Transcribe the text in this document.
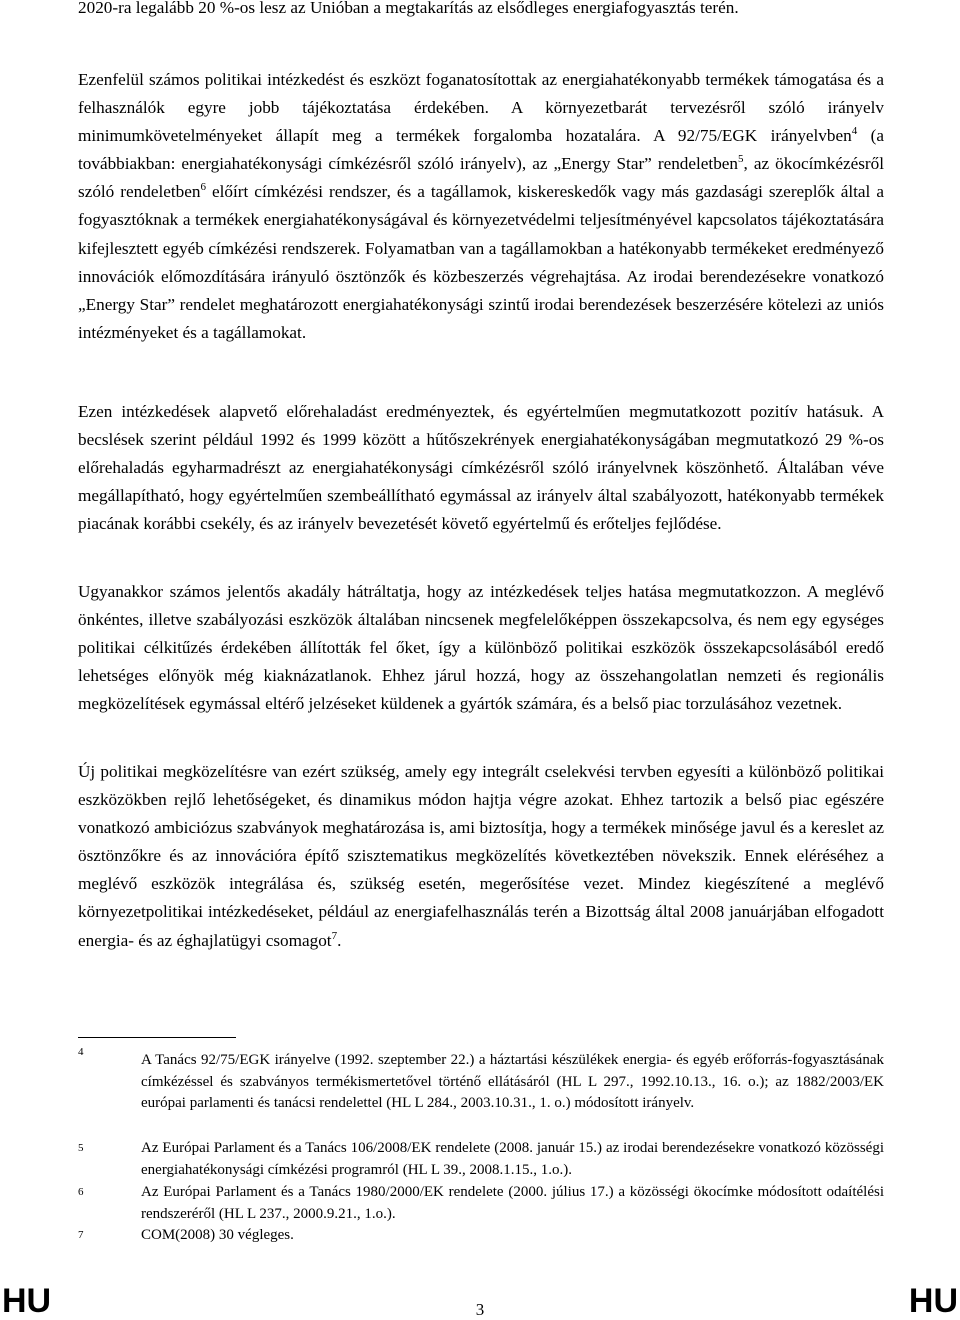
2020-ra legalább 20 %-os lesz az Unióban a megtakarítás az elsődleges energiafogyasztás terén.

Ezenfelül számos politikai intézkedést és eszközt foganatosítottak az energiahatékonyabb termékek támogatása és a felhasználók egyre jobb tájékoztatása érdekében. A környezetbarát tervezésről szóló irányelv minimumkövetelményeket állapít meg a termékek forgalomba hozatalára. A 92/75/EGK irányelvben$^4$ (a továbbiakban: energiahatékonysági címkézésről szóló irányelv), az „Energy Star” rendeletben$^5$, az ökocímkézésről szóló rendeletben$^6$ előírt címkézési rendszer, és a tagállamok, kiskereskedők vagy más gazdasági szereplők által a fogyasztóknak a termékek energiahatékonyságával és környezetvédelmi teljesítményével kapcsolatos tájékoztatására kifejlesztett egyéb címkézési rendszerek. Folyamatban van a tagállamokban a hatékonyabb termékeket eredményező innovációk előmozdítására irányuló ösztönzők és közbeszerzés végrehajtása. Az irodai berendezésekre vonatkozó „Energy Star” rendelet meghatározott energiahatékonysági szintű irodai berendezések beszerzésére kötelezi az uniós intézményeket és a tagállamokat.

Ezen intézkedések alapvető előrehaladást eredményeztek, és egyértelműen megmutatkozott pozitív hatásuk. A becslések szerint például 1992 és 1999 között a hűtőszekrények energiahatékonyságában megmutatkozó 29 %-os előrehaladás egyharmadrészt az energiahatékonysági címkézésről szóló irányelvnek köszönhető. Általában véve megállapítható, hogy egyértelműen szembeállítható egymással az irányelv által szabályozott, hatékonyabb termékek piacának korábbi csekély, és az irányelv bevezetését követő egyértelmű és erőteljes fejlődése.

Ugyanakkor számos jelentős akadály hátráltatja, hogy az intézkedések teljes hatása megmutatkozzon. A meglévő önkéntes, illetve szabályozási eszközök általában nincsenek megfelelőképpen összekapcsolva, és nem egy egységes politikai célkitűzés érdekében állították fel őket, így a különböző politikai eszközök összekapcsolásából eredő lehetséges előnyök még kiaknázatlanok. Ehhez járul hozzá, hogy az összehangolatlan nemzeti és regionális megközelítések egymással eltérő jelzéseket küldenek a gyártók számára, és a belső piac torzulásához vezetnek.

Új politikai megközelítésre van ezért szükség, amely egy integrált cselekvési tervben egyesíti a különböző politikai eszközökben rejlő lehetőségeket, és dinamikus módon hajtja végre azokat. Ehhez tartozik a belső piac egészére vonatkozó ambiciózus szabványok meghatározása is, ami biztosítja, hogy a termékek minősége javul és a kereslet az ösztönzőkre és az innovációra építő szisztematikus megközelítés következtében növekszik. Ennek eléréséhez a meglévő eszközök integrálása és, szükség esetén, megerősítése vezet. Mindez kiegészítené a meglévő környezetpolitikai intézkedéseket, például az energiafelhasználás terén a Bizottság által 2008 januárjában elfogadott energia- és az éghajlatügyi csomagot$^7$.

4	A Tanács 92/75/EGK irányelve (1992. szeptember 22.) a háztartási készülékek energia- és egyéb erőforrás-fogyasztásának címkézéssel és szabványos termékismertetővel történő ellátásáról (HL L 297., 1992.10.13., 16. o.); az 1882/2003/EK európai parlamenti és tanácsi rendelettel (HL L 284., 2003.10.31., 1. o.) módosított irányelv.
5	Az Európai Parlament és a Tanács 106/2008/EK rendelete (2008. január 15.) az irodai berendezésekre vonatkozó közösségi energiahatékonysági címkézési programról (HL L 39., 2008.1.15., 1.o.).
6	Az Európai Parlament és a Tanács 1980/2000/EK rendelete (2000. július 17.) a közösségi ökocímke módosított odaítélési rendszeréről (HL L 237., 2000.9.21., 1.o.).
7	COM(2008) 30 végleges.
HU	3	HU
